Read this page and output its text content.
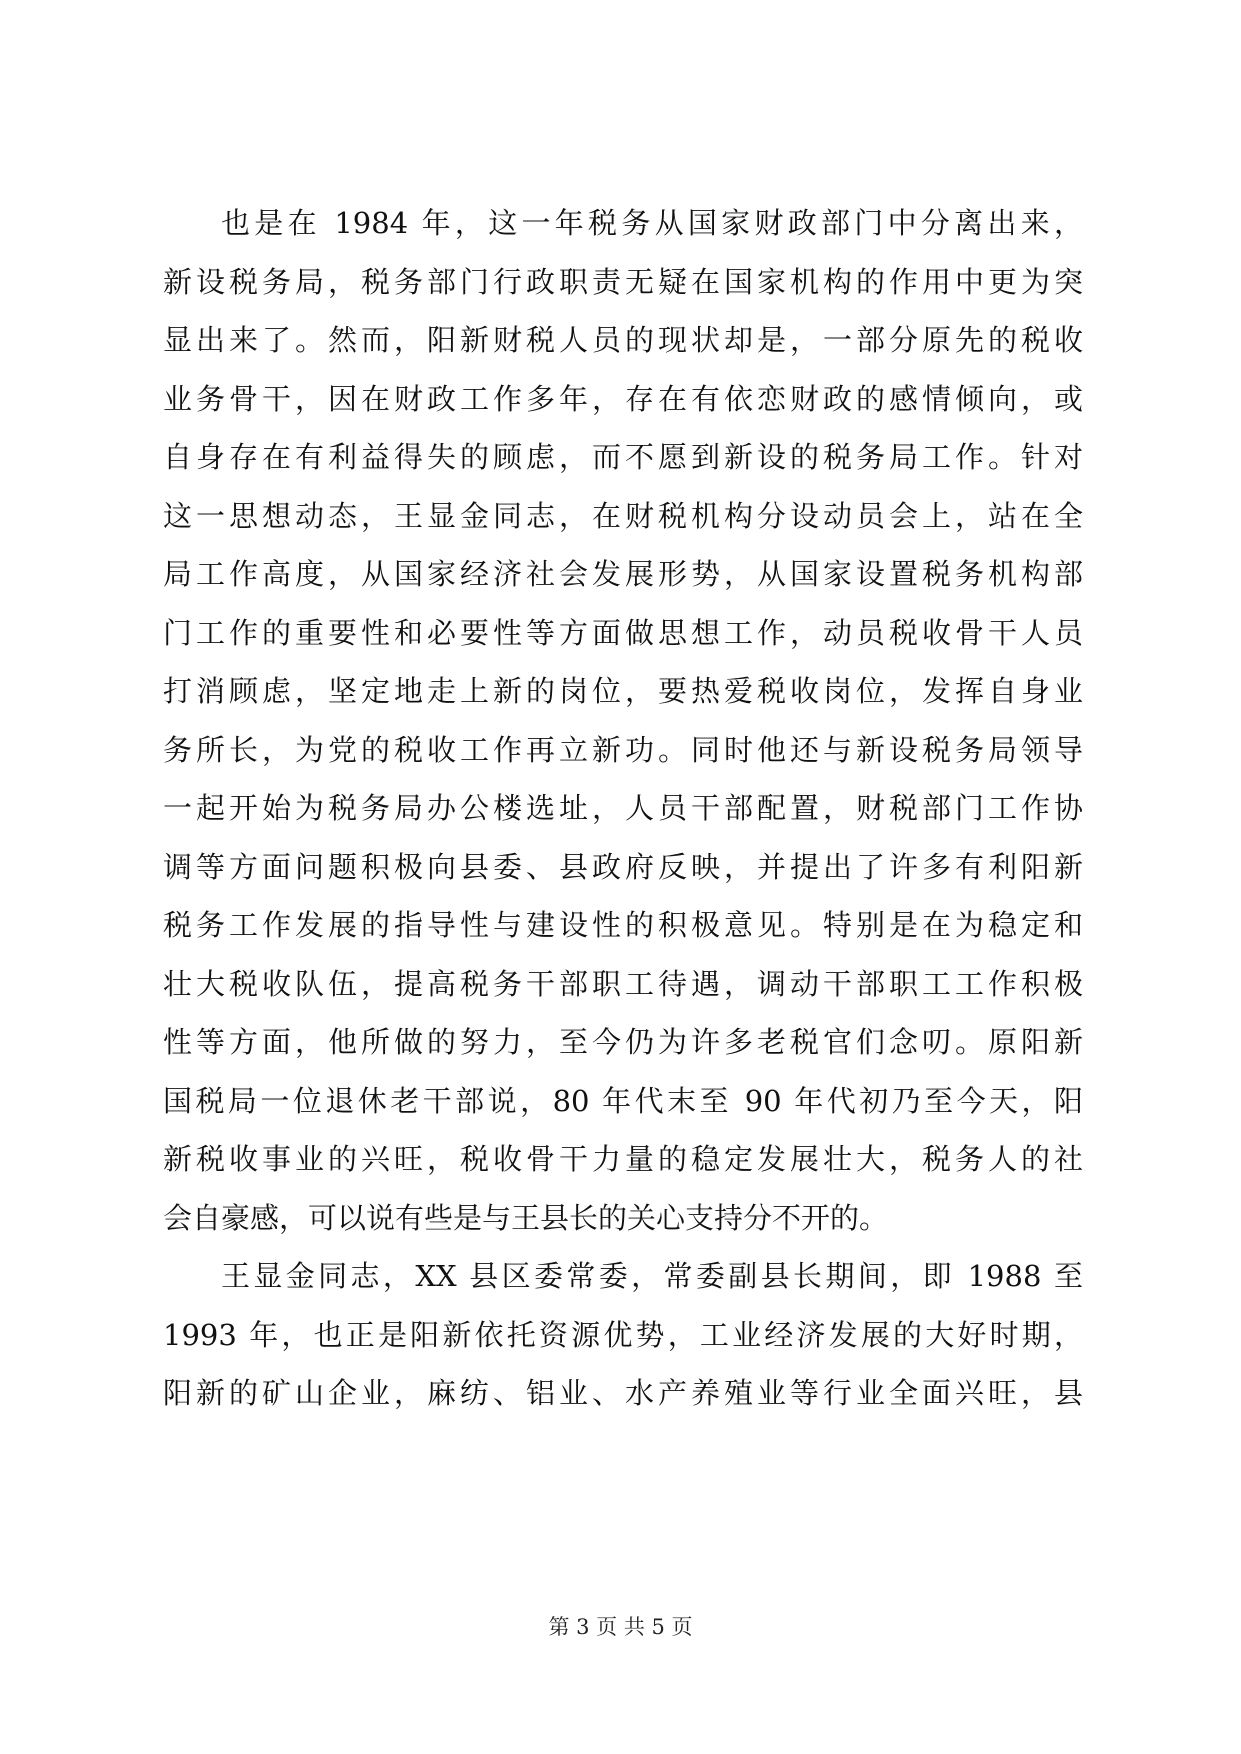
也是在 1984 年，这一年税务从国家财政部门中分离出来，
新设税务局，税务部门行政职责无疑在国家机构的作用中更为突
显出来了。然而，阳新财税人员的现状却是，一部分原先的税收
业务骨干，因在财政工作多年，存在有依恋财政的感情倾向，或
自身存在有利益得失的顾虑，而不愿到新设的税务局工作。针对
这一思想动态，王显金同志，在财税机构分设动员会上，站在全
局工作高度，从国家经济社会发展形势，从国家设置税务机构部
门工作的重要性和必要性等方面做思想工作，动员税收骨干人员
打消顾虑，坚定地走上新的岗位，要热爱税收岗位，发挥自身业
务所长，为党的税收工作再立新功。同时他还与新设税务局领导
一起开始为税务局办公楼选址，人员干部配置，财税部门工作协
调等方面问题积极向县委、县政府反映，并提出了许多有利阳新
税务工作发展的指导性与建设性的积极意见。特别是在为稳定和
壮大税收队伍，提高税务干部职工待遇，调动干部职工工作积极
性等方面，他所做的努力，至今仍为许多老税官们念叨。原阳新
国税局一位退休老干部说，80 年代末至 90 年代初乃至今天，阳
新税收事业的兴旺，税收骨干力量的稳定发展壮大，税务人的社
会自豪感，可以说有些是与王县长的关心支持分不开的。
王显金同志，XX 县区委常委，常委副县长期间，即 1988 至
1993 年，也正是阳新依托资源优势，工业经济发展的大好时期，
阳新的矿山企业，麻纺、铝业、水产养殖业等行业全面兴旺，县
第 3 页 共 5 页
